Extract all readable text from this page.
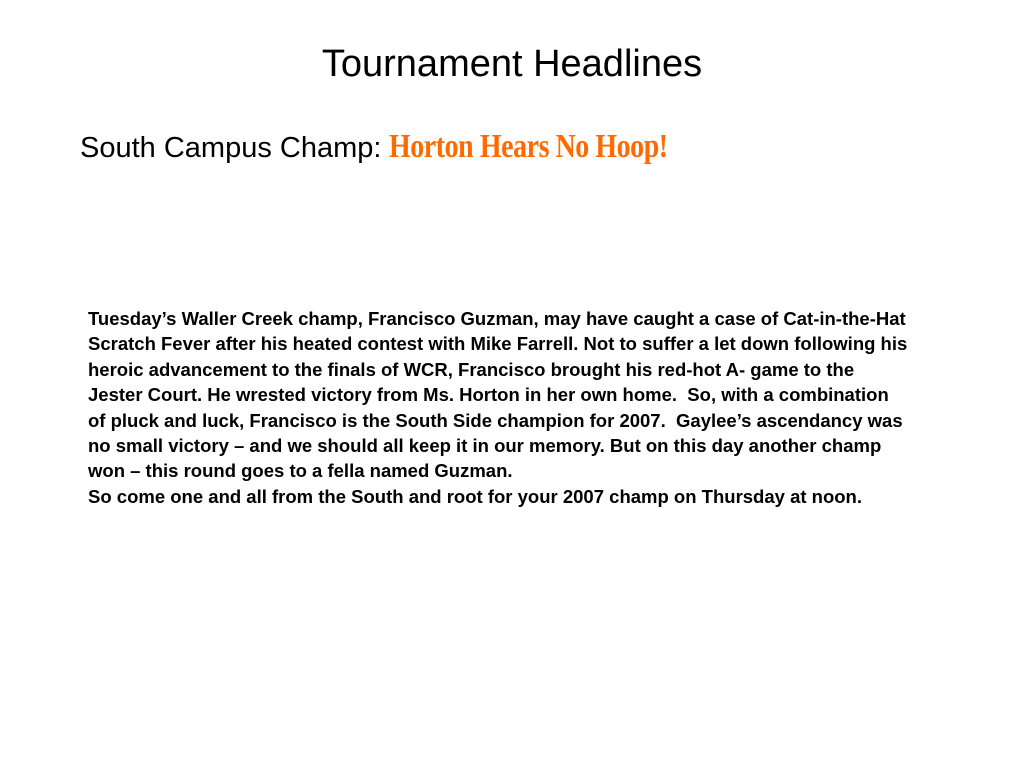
Tournament Headlines
South Campus Champ: Horton Hears No Hoop!

Tuesday’s Waller Creek champ, Francisco Guzman, may have caught a case of Cat-in-the-Hat Scratch Fever after his heated contest with Mike Farrell. Not to suffer a let down following his heroic advancement to the finals of WCR, Francisco brought his red-hot A- game to the Jester Court. He wrested victory from Ms. Horton in her own home.  So, with a combination of pluck and luck, Francisco is the South Side champion for 2007.  Gaylee’s ascendancy was no small victory – and we should all keep it in our memory. But on this day another champ won – this round goes to a fella named Guzman.

So come one and all from the South and root for your 2007 champ on Thursday at noon.
